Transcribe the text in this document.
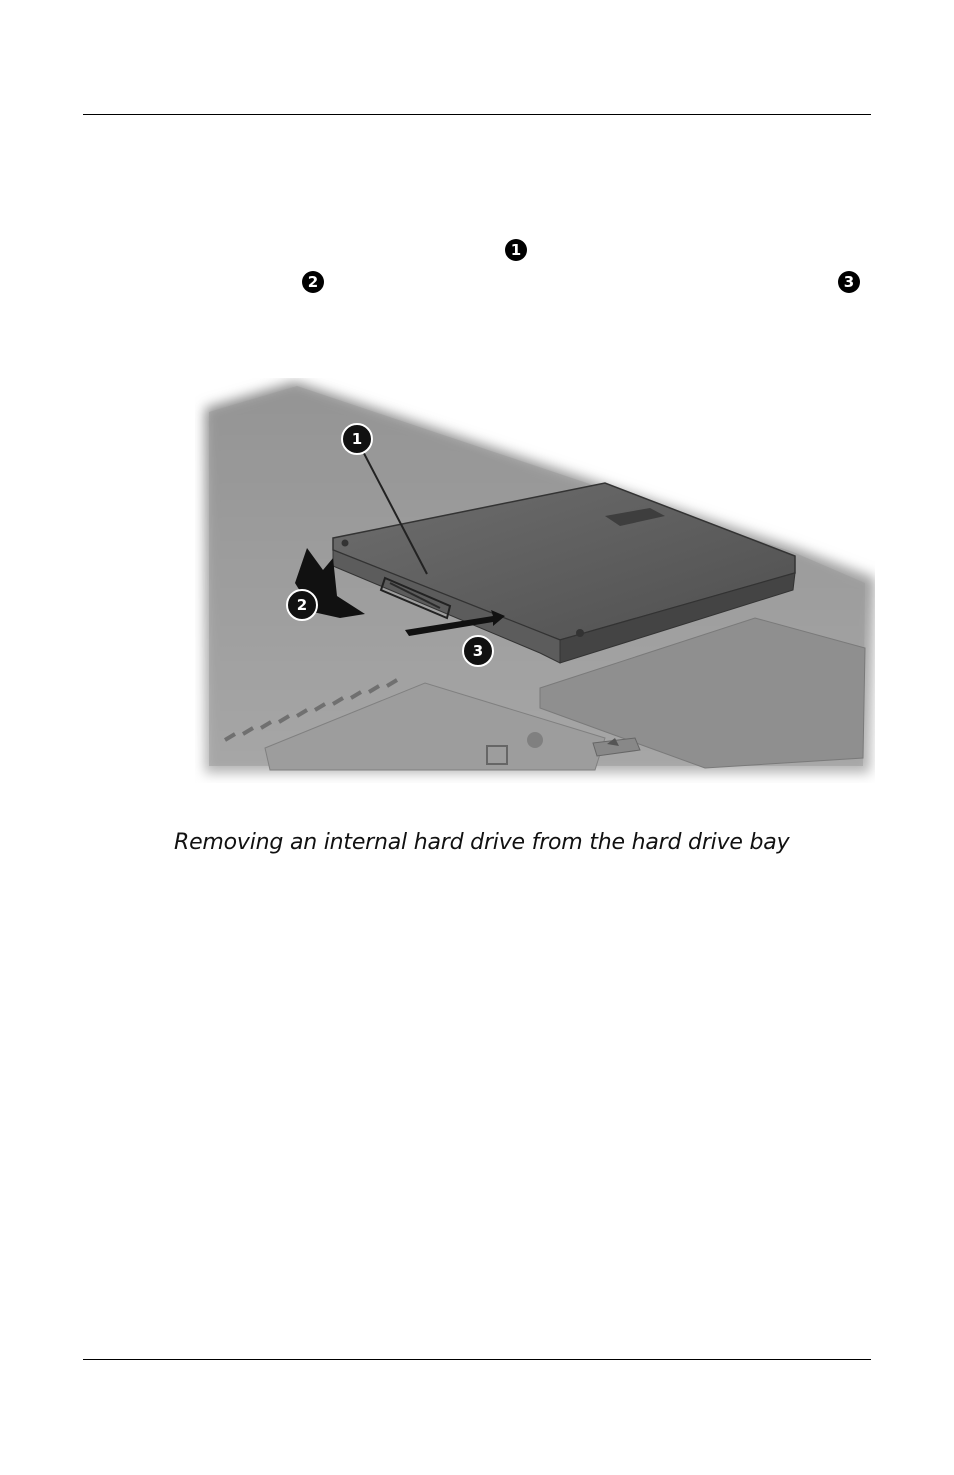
1
2	3
1
2
3
Removing an internal hard drive from the hard drive bay
